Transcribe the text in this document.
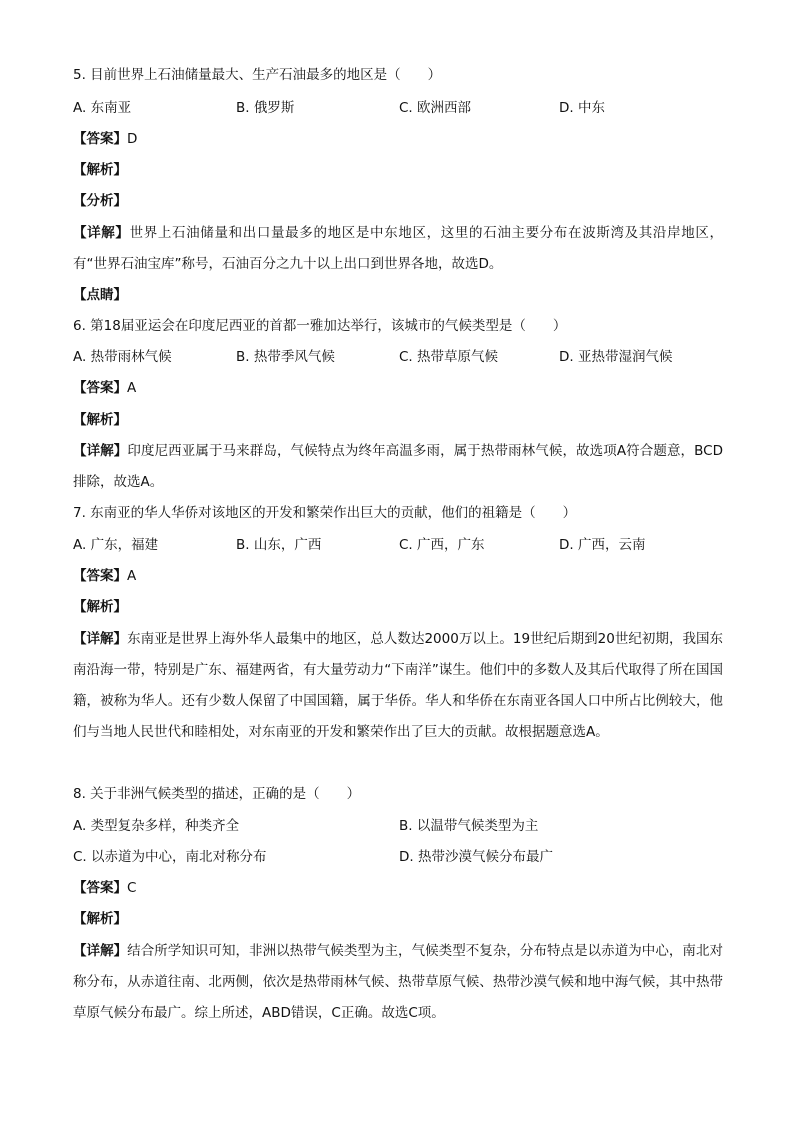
5. 目前世界上石油储量最大、生产石油最多的地区是（　　）
A. 东南亚	B. 俄罗斯	C. 欧洲西部	D. 中东
【答案】D
【解析】
【分析】
【详解】世界上石油储量和出口量最多的地区是中东地区，这里的石油主要分布在波斯湾及其沿岸地区，有“世界石油宝库”称号，石油百分之九十以上出口到世界各地，故选D。
【点睛】
6. 第18届亚运会在印度尼西亚的首都一雅加达举行，该城市的气候类型是（　　）
A. 热带雨林气候	B. 热带季风气候	C. 热带草原气候	D. 亚热带湿润气候
【答案】A
【解析】
【详解】印度尼西亚属于马来群岛，气候特点为终年高温多雨，属于热带雨林气候，故选项A符合题意，BCD排除，故选A。
7. 东南亚的华人华侨对该地区的开发和繁荣作出巨大的贡献，他们的祖籍是（　　）
A. 广东，福建	B. 山东，广西	C. 广西，广东	D. 广西，云南
【答案】A
【解析】
【详解】东南亚是世界上海外华人最集中的地区，总人数达2000万以上。19世纪后期到20世纪初期，我国东南沿海一带，特别是广东、福建两省，有大量劳动力“下南洋”谋生。他们中的多数人及其后代取得了所在国国籍，被称为华人。还有少数人保留了中国国籍，属于华侨。华人和华侨在东南亚各国人口中所占比例较大，他们与当地人民世代和睦相处，对东南亚的开发和繁荣作出了巨大的贡献。故根据题意选A。
8. 关于非洲气候类型的描述，正确的是（　　）
A. 类型复杂多样，种类齐全	B. 以温带气候类型为主
C. 以赤道为中心，南北对称分布	D. 热带沙漠气候分布最广
【答案】C
【解析】
【详解】结合所学知识可知，非洲以热带气候类型为主，气候类型不复杂，分布特点是以赤道为中心，南北对称分布，从赤道往南、北两侧，依次是热带雨林气候、热带草原气候、热带沙漠气候和地中海气候，其中热带草原气候分布最广。综上所述，ABD错误，C正确。故选C项。
